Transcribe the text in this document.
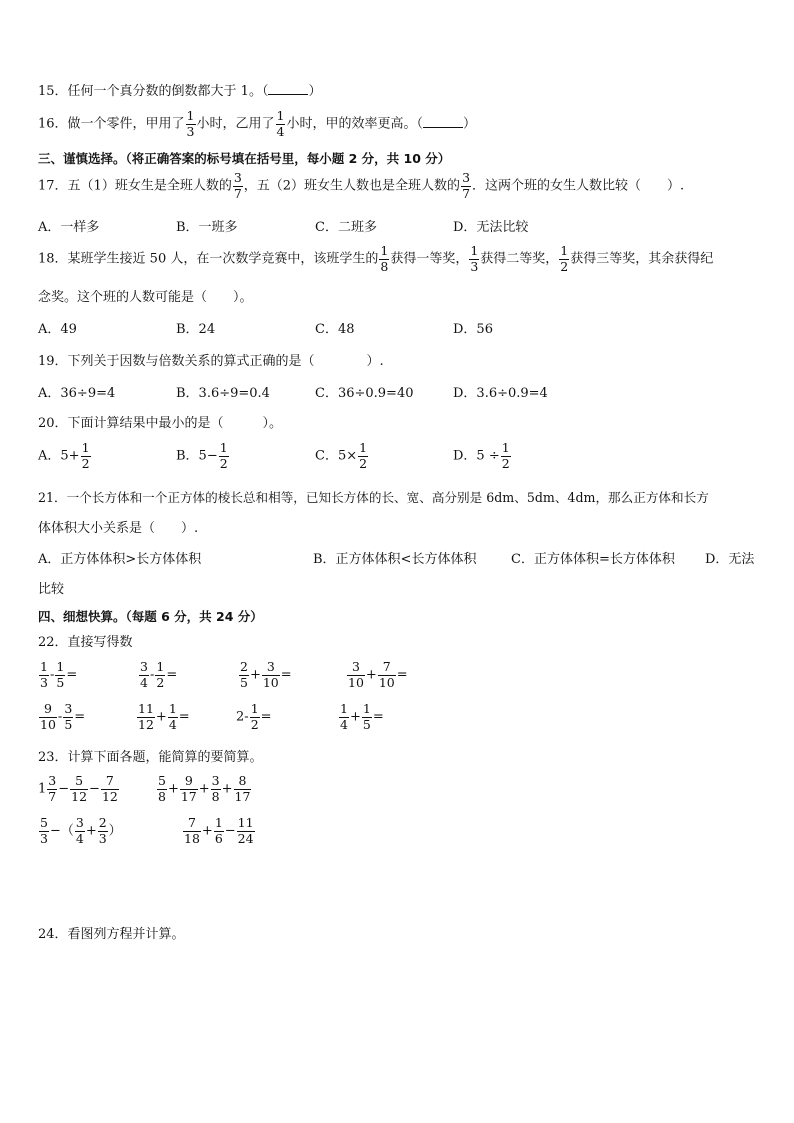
15．任何一个真分数的倒数都大于 1。（	）
16．做一个零件，甲用了 $\frac{1}{3}$ 小时，乙用了 $\frac{1}{4}$ 小时，甲的效率更高。（	）
三、谨慎选择。（将正确答案的标号填在括号里，每小题 2 分，共 10 分）
17．五（1）班女生是全班人数的 $\frac{3}{7}$ ，五（2）班女生人数也是全班人数的 $\frac{3}{7}$ ．这两个班的女生人数比较（ ）.
A．一样多	B．一班多	C．二班多	D．无法比较
18．某班学生接近 50 人，在一次数学竞赛中，该班学生的 $\frac{1}{8}$ 获得一等奖， $\frac{1}{3}$ 获得二等奖， $\frac{1}{2}$ 获得三等奖，其余获得纪
念奖。这个班的人数可能是（　　）。
A．49	B．24	C．48	D．56
19．下列关于因数与倍数关系的算式正确的是（　　　　）.
A．36÷9=4	B．3.6÷9=0.4	C．36÷0.9=40	D．3.6÷0.9=4
20．下面计算结果中最小的是（　　　）。
A．$5+ \frac{1}{2}$	B．$5- \frac{1}{2}$	C．$5\times \frac{1}{2}$	D．$5 \div \frac{1}{2}$
21．一个长方体和一个正方体的棱长总和相等，已知长方体的长、宽、高分别是 6dm、5dm、4dm，那么正方体和长方
体体积大小关系是（　　）.
A．正方体体积>长方体体积	B．正方体体积<长方体体积	C．正方体体积=长方体体积 D．无法
比较
四、细想快算。（每题 6 分，共 24 分）
22．直接写得数
$\frac{1}{3} - \frac{1}{5}$ =	$\frac{3}{4} - \frac{1}{2}$ =	$\frac{2}{5} + \frac{3}{10}$ =	$\frac{3}{10} + \frac{7}{10}$ =
$\frac{9}{10} - \frac{3}{5}$ =	$\frac{11}{12} + \frac{1}{4}$ =	$2- \frac{1}{2}$ =	$\frac{1}{4} + \frac{1}{5}$ =
23．计算下面各题，能简算的要简算。
$1 \frac{3}{7} - \frac{5}{12} - \frac{7}{12}$	$\frac{5}{8} + \frac{9}{17} + \frac{3}{8} + \frac{8}{17}$
$\frac{5}{3}$ −（ $\frac{3}{4} + \frac{2}{3}$ ）	$\frac{7}{18} + \frac{1}{6} - \frac{11}{24}$
24．看图列方程并计算。
